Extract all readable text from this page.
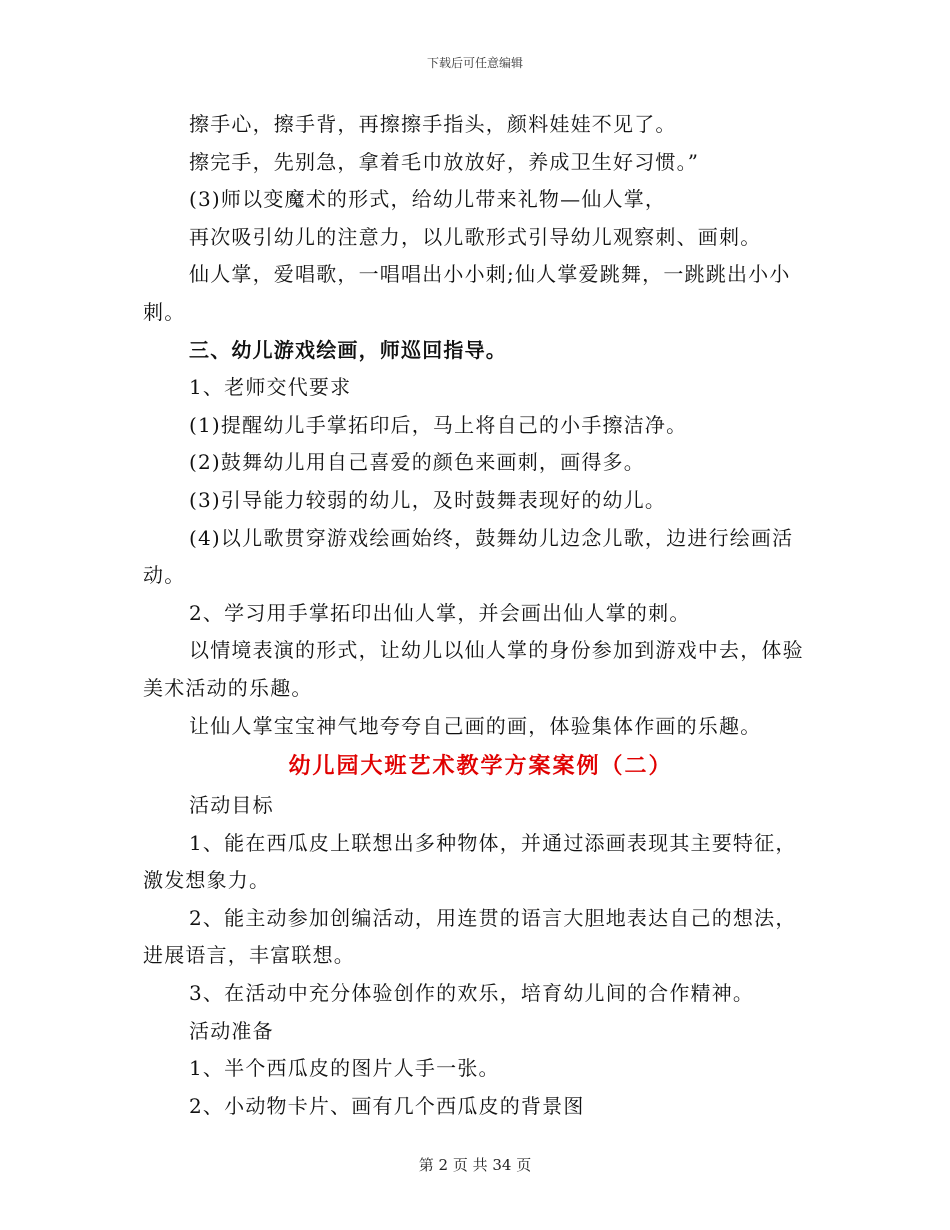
下载后可任意编辑

擦手心，擦手背，再擦擦手指头，颜料娃娃不见了。

擦完手，先别急，拿着毛巾放放好，养成卫生好习惯。”

(3)师以变魔术的形式，给幼儿带来礼物—仙人掌，

再次吸引幼儿的注意力，以儿歌形式引导幼儿观察刺、画刺。

仙人掌，爱唱歌，一唱唱出小小刺;仙人掌爱跳舞，一跳跳出小小刺。

三、幼儿游戏绘画，师巡回指导。

1、老师交代要求

(1)提醒幼儿手掌拓印后，马上将自己的小手擦洁净。

(2)鼓舞幼儿用自己喜爱的颜色来画刺，画得多。

(3)引导能力较弱的幼儿，及时鼓舞表现好的幼儿。

(4)以儿歌贯穿游戏绘画始终，鼓舞幼儿边念儿歌，边进行绘画活动。

2、学习用手掌拓印出仙人掌，并会画出仙人掌的刺。

以情境表演的形式，让幼儿以仙人掌的身份参加到游戏中去，体验美术活动的乐趣。

让仙人掌宝宝神气地夸夸自己画的画，体验集体作画的乐趣。

幼儿园大班艺术教学方案案例（二）

活动目标

1、能在西瓜皮上联想出多种物体，并通过添画表现其主要特征，激发想象力。

2、能主动参加创编活动，用连贯的语言大胆地表达自己的想法，进展语言，丰富联想。

3、在活动中充分体验创作的欢乐，培育幼儿间的合作精神。

活动准备

1、半个西瓜皮的图片人手一张。

2、小动物卡片、画有几个西瓜皮的背景图

第 2 页 共 34 页
